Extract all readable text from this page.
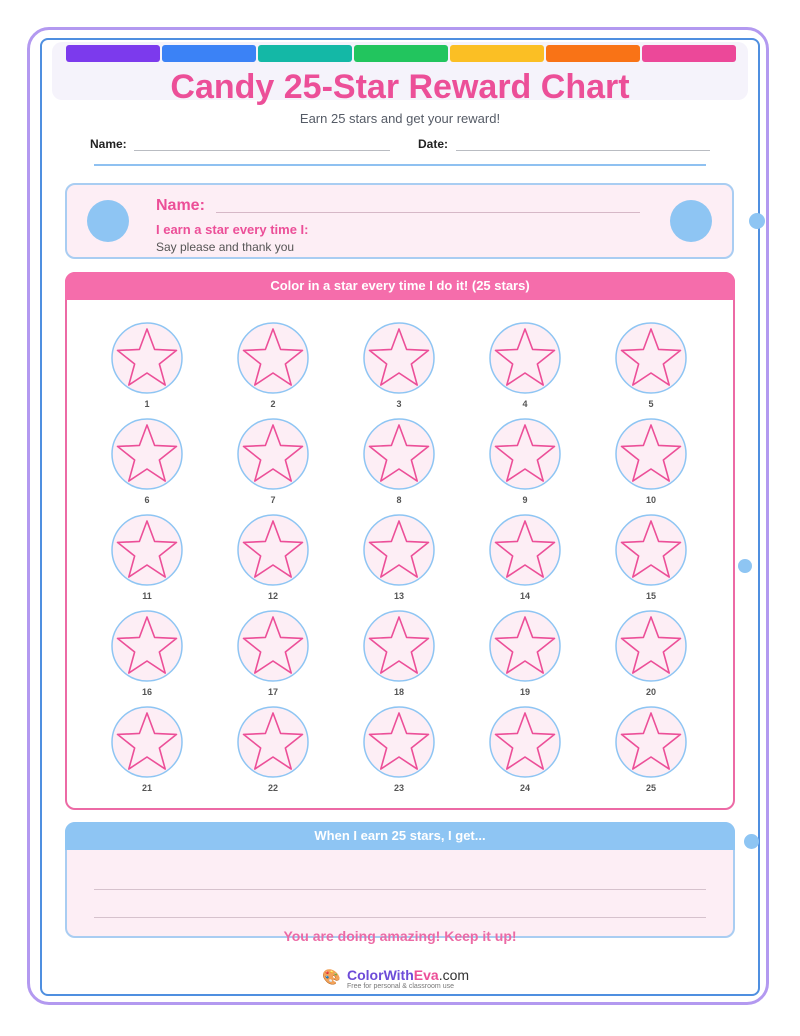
Candy 25-Star Reward Chart
Earn 25 stars and get your reward!
Name:	Date:
Name:
I earn a star every time I:
Say please and thank you
Color in a star every time I do it! (25 stars)
1	2	3	4	5
6	7	8	9	10
11	12	13	14	15
16	17	18	19	20
21	22	23	24	25
When I earn 25 stars, I get...
You are doing amazing! Keep it up!
🎨 ColorWithEva.com
Free for personal & classroom use
